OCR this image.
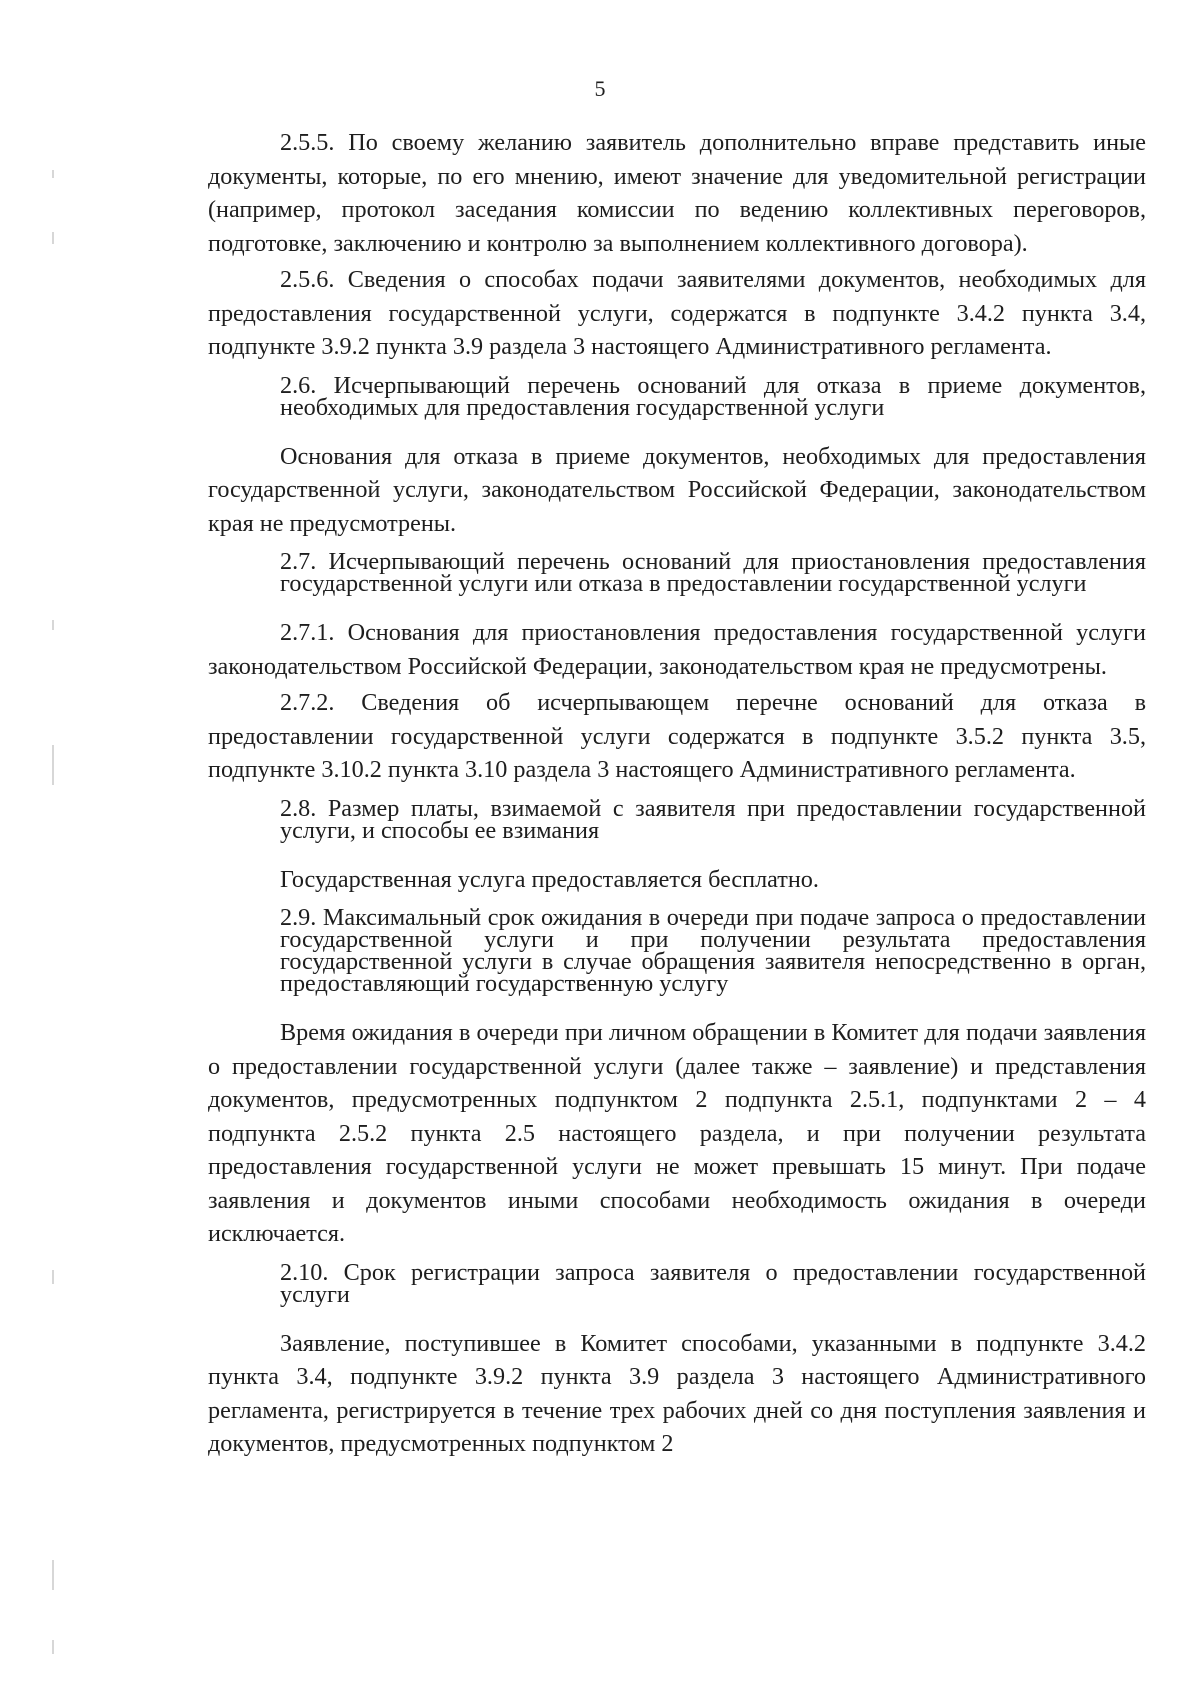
5

2.5.5. По своему желанию заявитель дополнительно вправе представить иные документы, которые, по его мнению, имеют значение для уведомительной регистрации (например, протокол заседания комиссии по ведению коллективных переговоров, подготовке, заключению и контролю за выполнением коллективного договора).

2.5.6. Сведения о способах подачи заявителями документов, необходимых для предоставления государственной услуги, содержатся в подпункте 3.4.2 пункта 3.4, подпункте 3.9.2 пункта 3.9 раздела 3 настоящего Административного регламента.

2.6. Исчерпывающий перечень оснований для отказа в приеме документов, необходимых для предоставления государственной услуги

Основания для отказа в приеме документов, необходимых для предоставления государственной услуги, законодательством Российской Федерации, законодательством края не предусмотрены.

2.7. Исчерпывающий перечень оснований для приостановления предоставления государственной услуги или отказа в предоставлении государственной услуги

2.7.1. Основания для приостановления предоставления государственной услуги законодательством Российской Федерации, законодательством края не предусмотрены.

2.7.2. Сведения об исчерпывающем перечне оснований для отказа в предоставлении государственной услуги содержатся в подпункте 3.5.2 пункта 3.5, подпункте 3.10.2 пункта 3.10 раздела 3 настоящего Административного регламента.

2.8. Размер платы, взимаемой с заявителя при предоставлении государственной услуги, и способы ее взимания

Государственная услуга предоставляется бесплатно.

2.9. Максимальный срок ожидания в очереди при подаче запроса о предоставлении государственной услуги и при получении результата предоставления государственной услуги в случае обращения заявителя непосредственно в орган, предоставляющий государственную услугу

Время ожидания в очереди при личном обращении в Комитет для подачи заявления о предоставлении государственной услуги (далее также – заявление) и представления документов, предусмотренных подпунктом 2 подпункта 2.5.1, подпунктами 2 – 4 подпункта 2.5.2 пункта 2.5 настоящего раздела, и при получении результата предоставления государственной услуги не может превышать 15 минут. При подаче заявления и документов иными способами необходимость ожидания в очереди исключается.

2.10. Срок регистрации запроса заявителя о предоставлении государственной услуги

Заявление, поступившее в Комитет способами, указанными в подпункте 3.4.2 пункта 3.4, подпункте 3.9.2 пункта 3.9 раздела 3 настоящего Административного регламента, регистрируется в течение трех рабочих дней со дня поступления заявления и документов, предусмотренных подпунктом 2
